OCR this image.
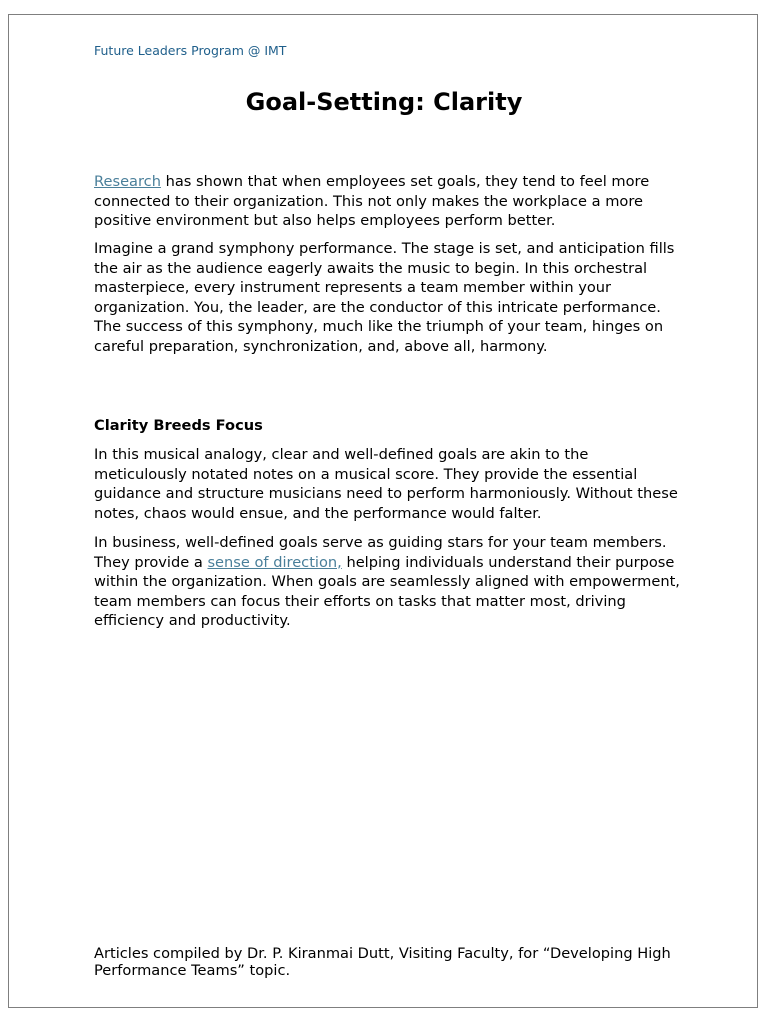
Future Leaders Program @ IMT
Goal-Setting: Clarity

Research has shown that when employees set goals, they tend to feel more connected to their organization. This not only makes the workplace a more positive environment but also helps employees perform better.

Imagine a grand symphony performance. The stage is set, and anticipation fills the air as the audience eagerly awaits the music to begin. In this orchestral masterpiece, every instrument represents a team member within your organization. You, the leader, are the conductor of this intricate performance. The success of this symphony, much like the triumph of your team, hinges on careful preparation, synchronization, and, above all, harmony.

Clarity Breeds Focus

In this musical analogy, clear and well-defined goals are akin to the meticulously notated notes on a musical score. They provide the essential guidance and structure musicians need to perform harmoniously. Without these notes, chaos would ensue, and the performance would falter.

In business, well-defined goals serve as guiding stars for your team members. They provide a sense of direction, helping individuals understand their purpose within the organization. When goals are seamlessly aligned with empowerment, team members can focus their efforts on tasks that matter most, driving efficiency and productivity.

Articles compiled by Dr. P. Kiranmai Dutt, Visiting Faculty, for “Developing High Performance Teams” topic.
